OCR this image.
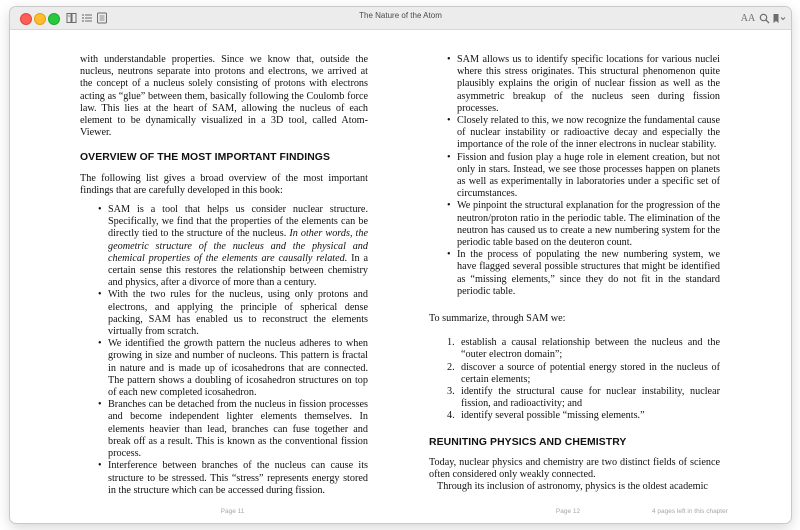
The Nature of the Atom	AA

with understandable properties. Since we know that, outside the nucleus, neutrons separate into protons and electrons, we arrived at the concept of a nucleus solely consisting of protons with electrons acting as “glue” between them, basically following the Coulomb force law. This lies at the heart of SAM, allowing the nucleus of each element to be dynamically visualized in a 3D tool, called Atom-Viewer.

OVERVIEW OF THE MOST IMPORTANT FINDINGS

The following list gives a broad overview of the most important findings that are carefully developed in this book:

• SAM is a tool that helps us consider nuclear structure. Specifically, we find that the properties of the elements can be directly tied to the structure of the nucleus. In other words, the geometric structure of the nucleus and the physical and chemical properties of the elements are causally related. In a certain sense this restores the relationship between chemistry and physics, after a divorce of more than a century.
• With the two rules for the nucleus, using only protons and electrons, and applying the principle of spherical dense packing, SAM has enabled us to reconstruct the elements virtually from scratch.
• We identified the growth pattern the nucleus adheres to when growing in size and number of nucleons. This pattern is fractal in nature and is made up of icosahedrons that are connected. The pattern shows a doubling of icosahedron structures on top of each new completed icosahedron.
• Branches can be detached from the nucleus in fission processes and become independent lighter elements themselves. In elements heavier than lead, branches can fuse together and break off as a result. This is known as the conventional fission process.
• Interference between branches of the nucleus can cause its structure to be stressed. This “stress” represents energy stored in the structure which can be accessed during fission.
Page 11
• SAM allows us to identify specific locations for various nuclei where this stress originates. This structural phenomenon quite plausibly explains the origin of nuclear fission as well as the asymmetric breakup of the nucleus seen during fission processes.
• Closely related to this, we now recognize the fundamental cause of nuclear instability or radioactive decay and especially the importance of the role of the inner electrons in nuclear stability.
• Fission and fusion play a huge role in element creation, but not only in stars. Instead, we see those processes happen on planets as well as experimentally in laboratories under a specific set of circumstances.
• We pinpoint the structural explanation for the progression of the neutron/proton ratio in the periodic table. The elimination of the neutron has caused us to create a new numbering system for the periodic table based on the deuteron count.
• In the process of populating the new numbering system, we have flagged several possible structures that might be identified as “missing elements,” since they do not fit in the standard periodic table.

To summarize, through SAM we:

1. establish a causal relationship between the nucleus and the “outer electron domain”;
2. discover a source of potential energy stored in the nucleus of certain elements;
3. identify the structural cause for nuclear instability, nuclear fission, and radioactivity; and
4. identify several possible “missing elements.”
REUNITING PHYSICS AND CHEMISTRY

Today, nuclear physics and chemistry are two distinct fields of science often considered only weakly connected.

Through its inclusion of astronomy, physics is the oldest academic

Page 12	4 pages left in this chapter
